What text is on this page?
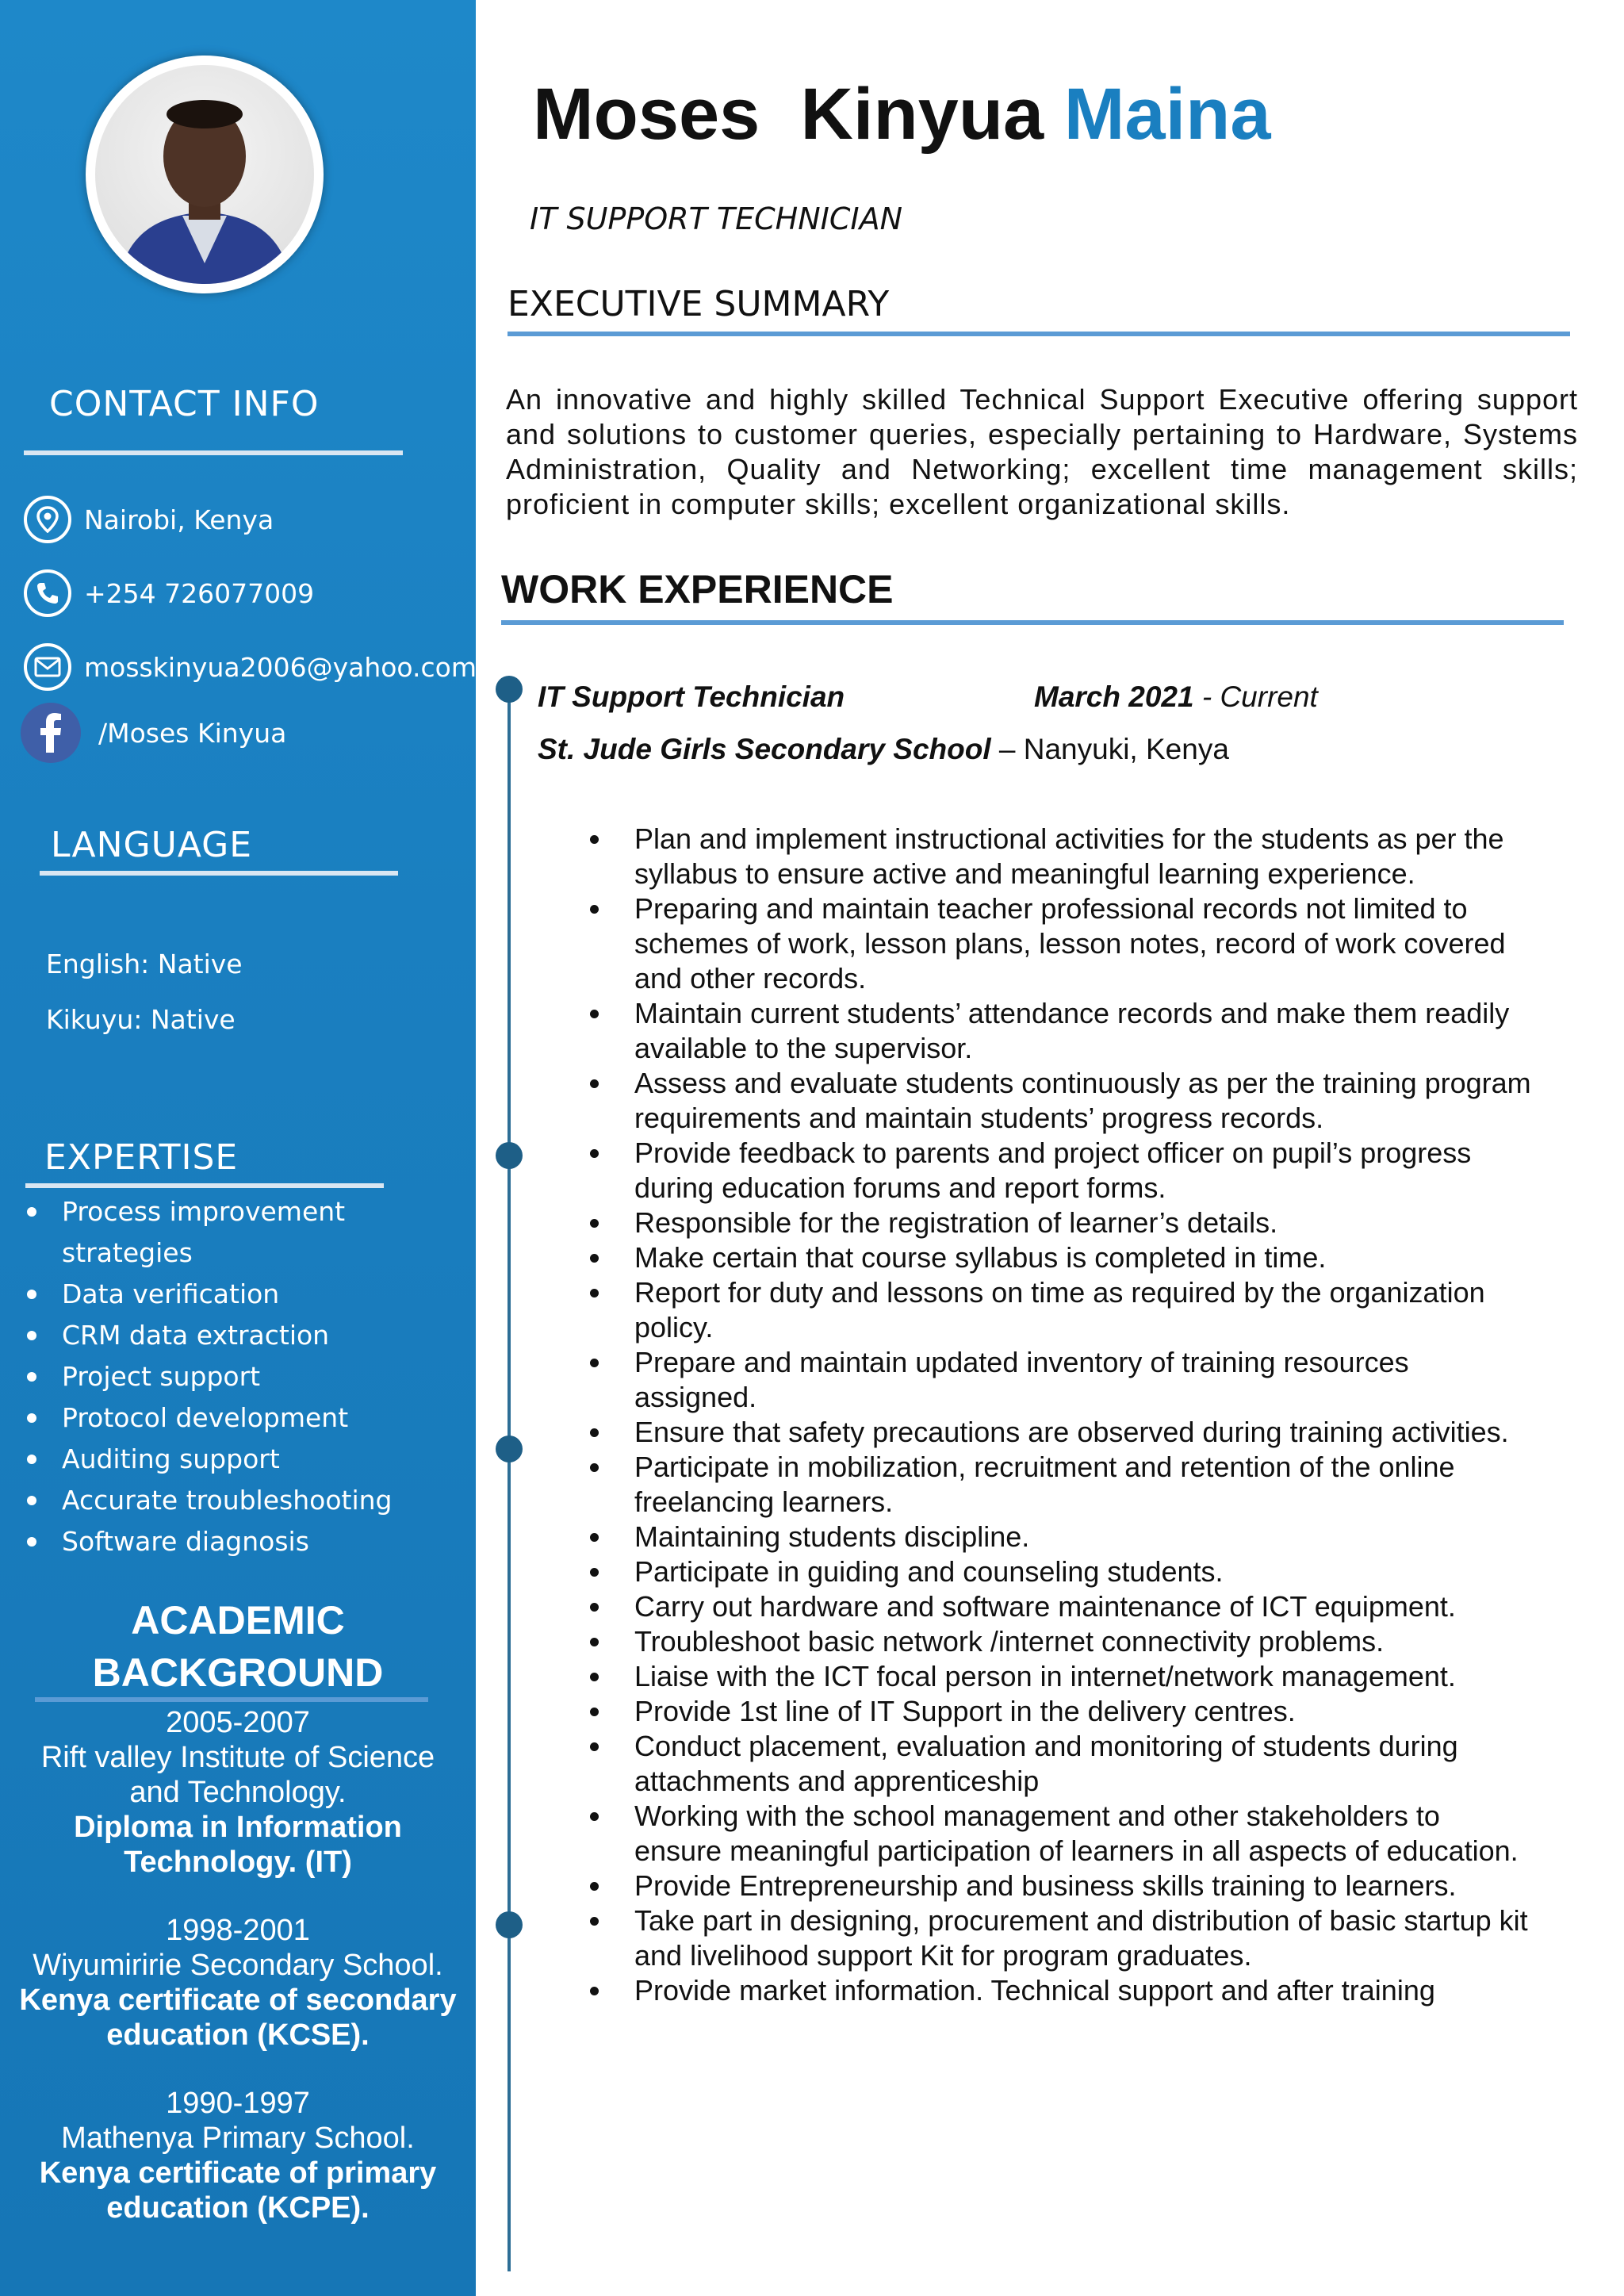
CONTACT INFO
Nairobi, Kenya
+254 726077009
mosskinyua2006@yahoo.com
/Moses Kinyua
LANGUAGE
English: Native
Kikuyu: Native
EXPERTISE
Process improvement strategies
Data verification
CRM data extraction
Project support
Protocol development
Auditing support
Accurate troubleshooting
Software diagnosis
ACADEMIC
BACKGROUND
2005-2007
Rift valley Institute of Science and Technology.
Diploma in Information Technology. (IT)
1998-2001
Wiyumiririe Secondary School.
Kenya certificate of secondary education (KCSE).
1990-1997
Mathenya Primary School.
Kenya certificate of primary education (KCPE).
Moses Kinyua Maina
IT SUPPORT TECHNICIAN
EXECUTIVE SUMMARY
An innovative and highly skilled Technical Support Executive offering support and solutions to customer queries, especially pertaining to Hardware, Systems Administration, Quality and Networking; excellent time management skills; proficient in computer skills; excellent organizational skills.
WORK EXPERIENCE
IT Support Technician	March 2021 - Current
St. Jude Girls Secondary School – Nanyuki, Kenya
Plan and implement instructional activities for the students as per the syllabus to ensure active and meaningful learning experience.
Preparing and maintain teacher professional records not limited to schemes of work, lesson plans, lesson notes, record of work covered and other records.
Maintain current students’ attendance records and make them readily available to the supervisor.
Assess and evaluate students continuously as per the training program requirements and maintain students’ progress records.
Provide feedback to parents and project officer on pupil’s progress during education forums and report forms.
Responsible for the registration of learner’s details.
Make certain that course syllabus is completed in time.
Report for duty and lessons on time as required by the organization policy.
Prepare and maintain updated inventory of training resources assigned.
Ensure that safety precautions are observed during training activities.
Participate in mobilization, recruitment and retention of the online freelancing learners.
Maintaining students discipline.
Participate in guiding and counseling students.
Carry out hardware and software maintenance of ICT equipment.
Troubleshoot basic network /internet connectivity problems.
Liaise with the ICT focal person in internet/network management.
Provide 1st line of IT Support in the delivery centres.
Conduct placement, evaluation and monitoring of students during attachments and apprenticeship
Working with the school management and other stakeholders to ensure meaningful participation of learners in all aspects of education.
Provide Entrepreneurship and business skills training to learners.
Take part in designing, procurement and distribution of basic startup kit and livelihood support Kit for program graduates.
Provide market information. Technical support and after training
